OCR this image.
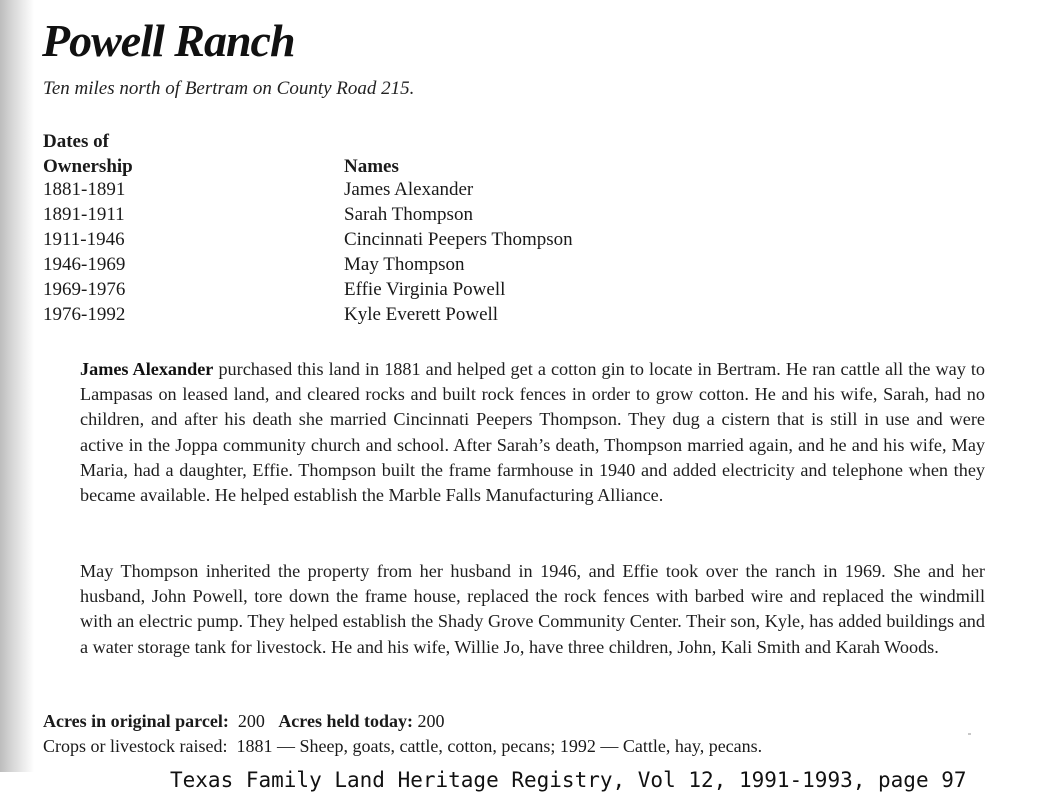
Powell Ranch

Ten miles north of Bertram on County Road 215.

Dates of
Ownership	Names
1881-1891	James Alexander
1891-1911	Sarah Thompson
1911-1946	Cincinnati Peepers Thompson
1946-1969	May Thompson
1969-1976	Effie Virginia Powell
1976-1992	Kyle Everett Powell

James Alexander purchased this land in 1881 and helped get a cotton gin to locate in Bertram. He ran cattle all the way to Lampasas on leased land, and cleared rocks and built rock fences in order to grow cotton. He and his wife, Sarah, had no children, and after his death she married Cincinnati Peepers Thompson. They dug a cistern that is still in use and were active in the Joppa community church and school. After Sarah’s death, Thompson married again, and he and his wife, May Maria, had a daughter, Effie. Thompson built the frame farmhouse in 1940 and added electricity and telephone when they became available. He helped establish the Marble Falls Manufacturing Alliance.

May Thompson inherited the property from her husband in 1946, and Effie took over the ranch in 1969. She and her husband, John Powell, tore down the frame house, replaced the rock fences with barbed wire and replaced the windmill with an electric pump. They helped establish the Shady Grove Community Center. Their son, Kyle, has added buildings and a water storage tank for livestock. He and his wife, Willie Jo, have three children, John, Kali Smith and Karah Woods.

Acres in original parcel: 200 Acres held today: 200
Crops or livestock raised: 1881 — Sheep, goats, cattle, cotton, pecans; 1992 — Cattle, hay, pecans.
Texas Family Land Heritage Registry, Vol 12, 1991-1993, page 97
